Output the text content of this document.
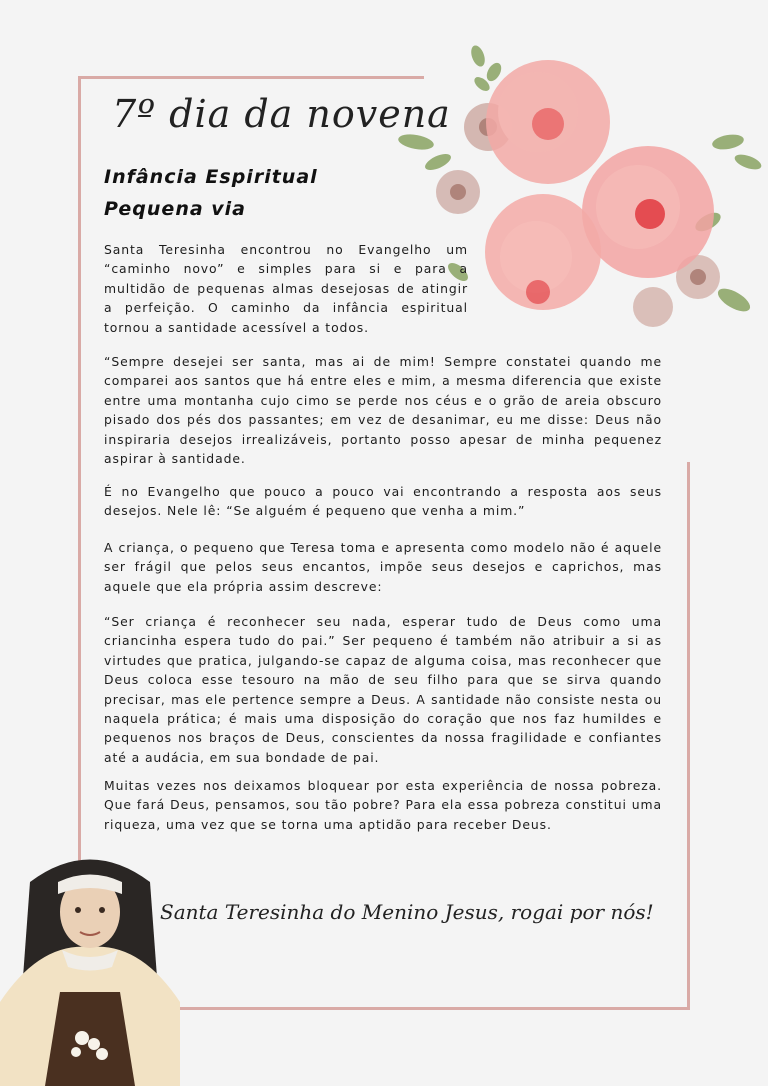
7º dia da novena
Infância Espiritual
Pequena via

Santa Teresinha encontrou no Evangelho um “caminho novo” e simples para si e para a multidão de pequenas almas desejosas de atingir a perfeição. O caminho da infância espiritual tornou a santidade acessível a todos.

“Sempre desejei ser santa, mas ai de mim! Sempre constatei quando me comparei aos santos que há entre eles e mim, a mesma diferencia que existe entre uma montanha cujo cimo se perde nos céus e o grão de areia obscuro pisado dos pés dos passantes; em vez de desanimar, eu me disse: Deus não inspiraria desejos irrealizáveis, portanto posso apesar de minha pequenez aspirar à santidade.

É no Evangelho que pouco a pouco vai encontrando a resposta aos seus desejos. Nele lê: “Se alguém é pequeno que venha a mim.”

A criança, o pequeno que Teresa toma e apresenta como modelo não é aquele ser frágil que pelos seus encantos, impõe seus desejos e caprichos, mas aquele que ela própria assim descreve:

“Ser criança é reconhecer seu nada, esperar tudo de Deus como uma criancinha espera tudo do pai.” Ser pequeno é também não atribuir a si as virtudes que pratica, julgando-se capaz de alguma coisa, mas reconhecer que Deus coloca esse tesouro na mão de seu filho para que se sirva quando precisar, mas ele pertence sempre a Deus. A santidade não consiste nesta ou naquela prática; é mais uma disposição do coração que nos faz humildes e pequenos nos braços de Deus, conscientes da nossa fragilidade e confiantes até a audácia, em sua bondade de pai.

Muitas vezes nos deixamos bloquear por esta experiência de nossa pobreza. Que fará Deus, pensamos, sou tão pobre? Para ela essa pobreza constitui uma riqueza, uma vez que se torna uma aptidão para receber Deus.

Santa Teresinha do Menino Jesus, rogai por nós!
